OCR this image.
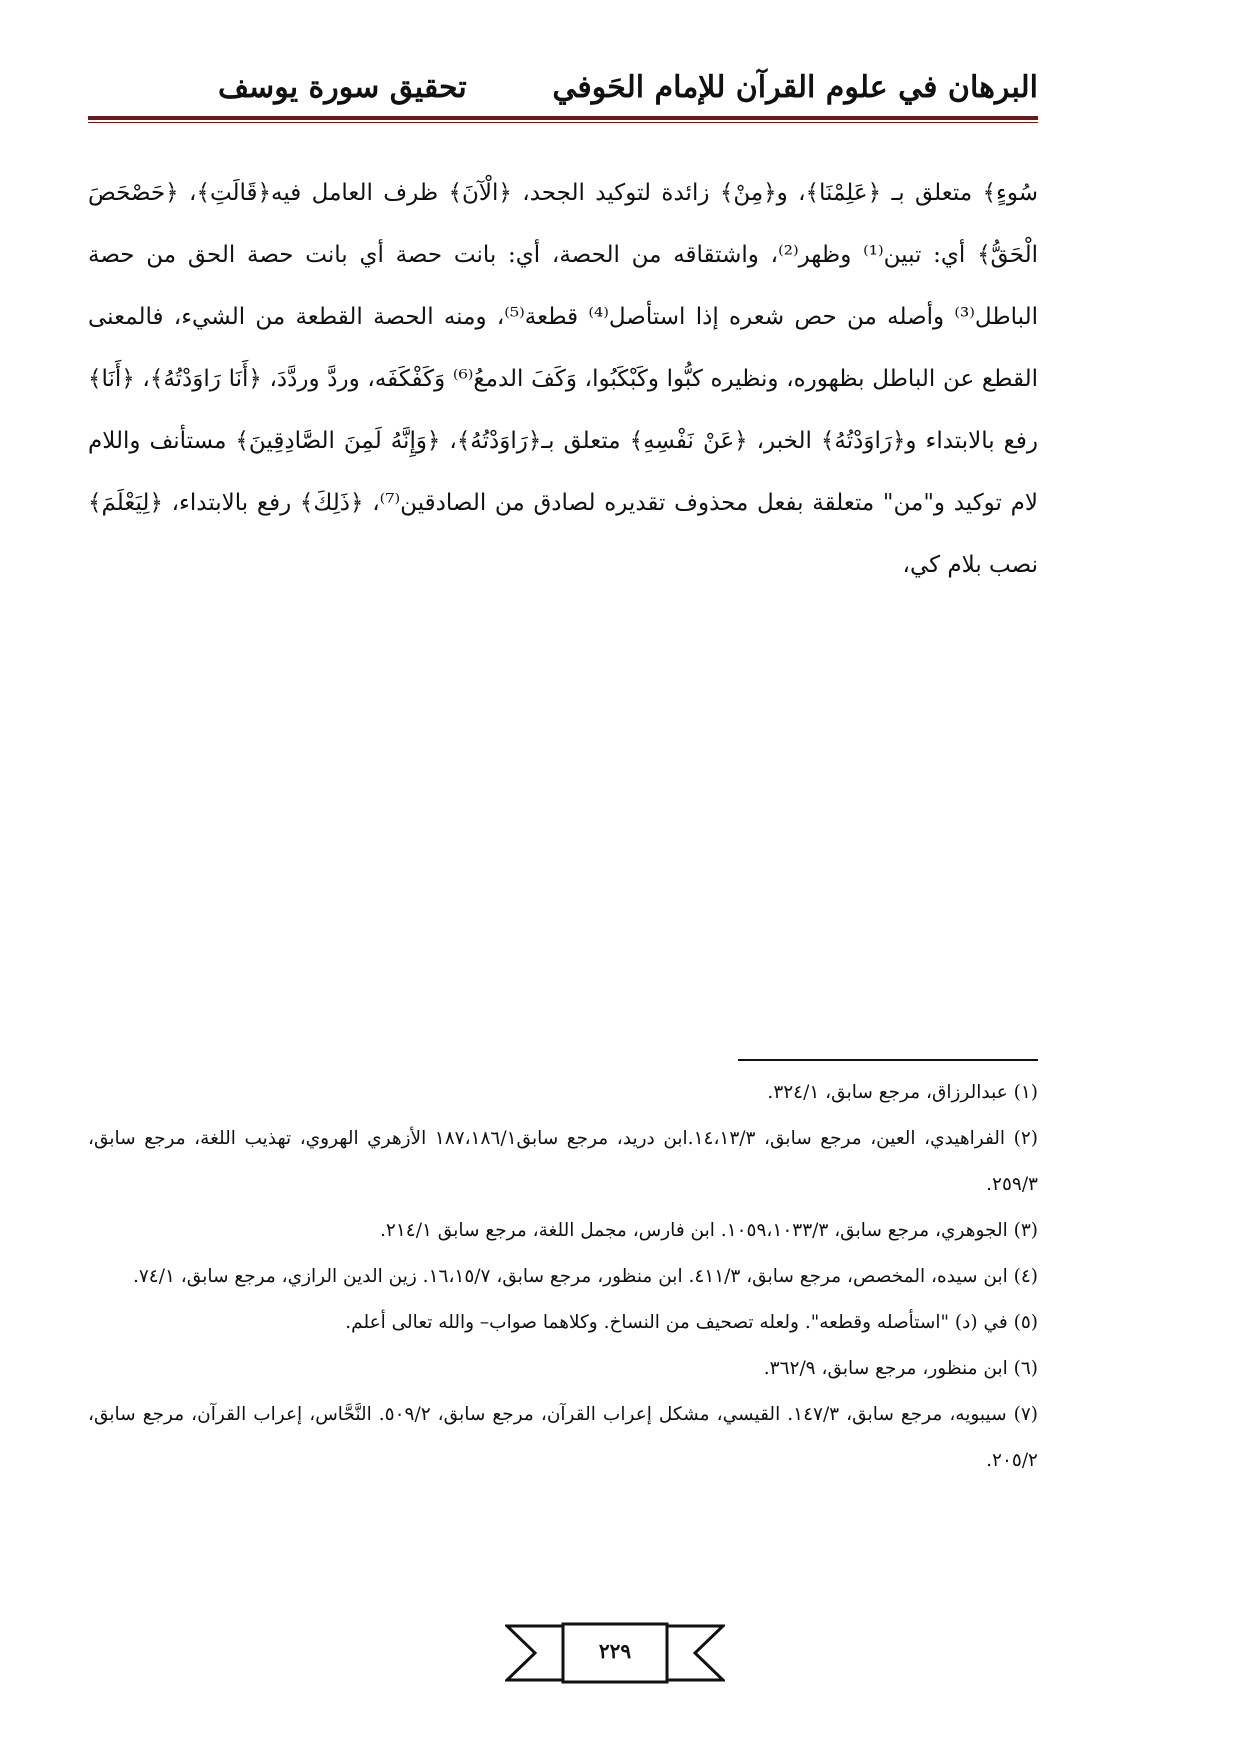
البرهان في علوم القرآن للإمام الحَوفي
تحقيق سورة يوسف

سُوءٍ﴾ متعلق بـ ﴿عَلِمْنَا﴾، و﴿مِنْ﴾ زائدة لتوكيد الجحد، ﴿الْآنَ﴾ ظرف العامل فيه﴿قَالَتِ﴾، ﴿حَصْحَصَ الْحَقُّ﴾ أي: تبين⁽¹⁾ وظهر⁽²⁾، واشتقاقه من الحصة، أي: بانت حصة أي بانت حصة الحق من حصة الباطل⁽³⁾ وأصله من حص شعره إذا استأصل⁽⁴⁾ قطعة⁽⁵⁾، ومنه الحصة القطعة من الشيء، فالمعنى القطع عن الباطل بظهوره، ونظيره كبُّوا وكَبْكَبُوا، وَكَفَ الدمعُ⁽⁶⁾ وَكَفْكَفَه، وردَّ وردَّدَ، ﴿أَنَا رَاوَدْتُهُ﴾، ﴿أَنَا﴾ رفع بالابتداء و﴿رَاوَدْتُهُ﴾ الخبر، ﴿عَنْ نَفْسِهِ﴾ متعلق بـ﴿رَاوَدْتُهُ﴾، ﴿وَإِنَّهُ لَمِنَ الصَّادِقِينَ﴾ مستأنف واللام لام توكيد و"من" متعلقة بفعل محذوف تقديره لصادق من الصادقين⁽⁷⁾، ﴿ذَلِكَ﴾ رفع بالابتداء، ﴿لِيَعْلَمَ﴾ نصب بلام كي،

(١) عبدالرزاق، مرجع سابق، ٣٢٤/١.

(٢) الفراهيدي، العين، مرجع سابق، ١٤،١٣/٣.ابن دريد، مرجع سابق١٨٧،١٨٦/١ الأزهري الهروي، تهذيب اللغة، مرجع سابق، ٢٥٩/٣.

(٣) الجوهري، مرجع سابق، ١٠٥٩،١٠٣٣/٣. ابن فارس، مجمل اللغة، مرجع سابق ٢١٤/١.

(٤) ابن سيده، المخصص، مرجع سابق، ٤١١/٣. ابن منظور، مرجع سابق، ١٦،١٥/٧. زين الدين الرازي، مرجع سابق، ٧٤/١.

(٥) في (د) "استأصله وقطعه". ولعله تصحيف من النساخ. وكلاهما صواب– والله تعالى أعلم.

(٦) ابن منظور، مرجع سابق، ٣٦٢/٩.

(٧) سيبويه، مرجع سابق، ١٤٧/٣. القيسي، مشكل إعراب القرآن، مرجع سابق، ٥٠٩/٢. النَّحَّاس، إعراب القرآن، مرجع سابق، ٢٠٥/٢.

٢٢٩
